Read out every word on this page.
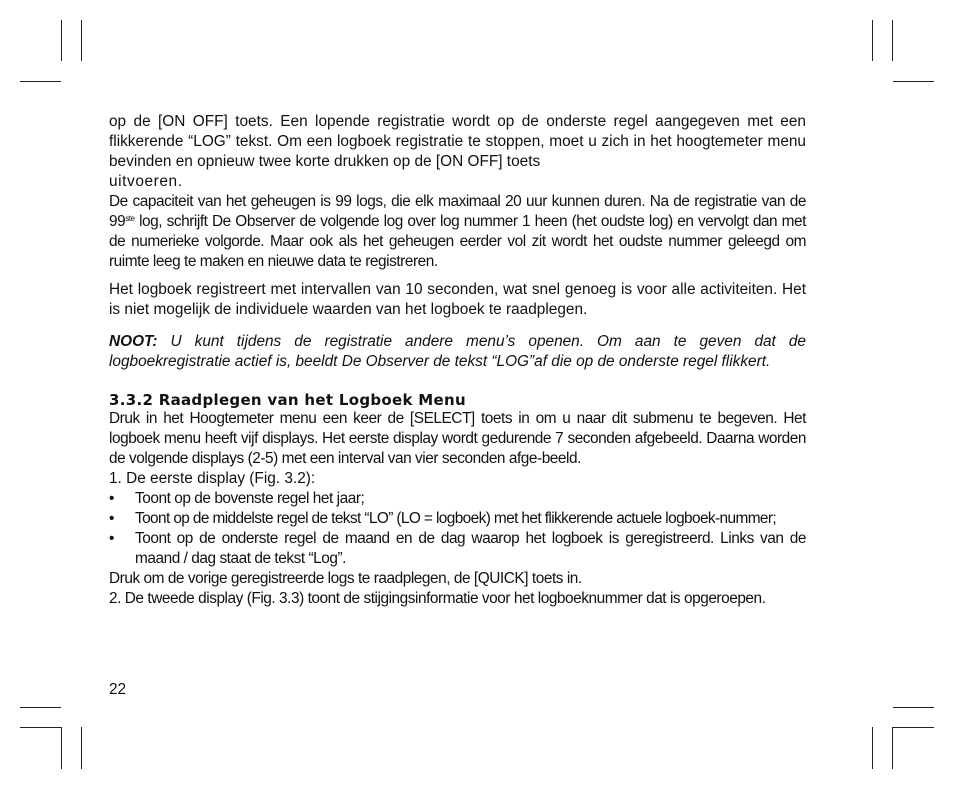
op de [ON OFF] toets. Een lopende registratie wordt op de onderste regel aangegeven met een flikkerende “LOG” tekst. Om een logboek registratie te stoppen, moet u zich in het hoogtemeter menu bevinden en opnieuw twee korte drukken op de [ON OFF] toets

uitvoeren.

De capaciteit van het geheugen is 99 logs, die elk maximaal 20 uur kunnen duren. Na de registratie van de 99ste log, schrijft De Observer de volgende log over log nummer 1 heen (het oudste log) en vervolgt dan met de numerieke volgorde. Maar ook als het geheugen eerder vol zit wordt het oudste nummer geleegd om ruimte leeg te maken en nieuwe data te registreren.

Het logboek registreert met intervallen van 10 seconden, wat snel genoeg is voor alle activiteiten. Het is niet mogelijk de individuele waarden van het logboek te raadplegen.

NOOT: U kunt tijdens de registratie andere menu’s openen. Om aan te geven dat de logboekregistratie actief is, beeldt De Observer de tekst “LOG”af die op de onderste regel flikkert.

3.3.2 Raadplegen van het Logboek Menu

Druk in het Hoogtemeter menu een keer de [SELECT] toets in om u naar dit submenu te begeven. Het logboek menu heeft vijf displays. Het eerste display wordt gedurende 7 seconden afgebeeld. Daarna worden de volgende displays (2-5) met een interval van vier seconden afge-beeld.

1. De eerste display (Fig. 3.2):

• Toont op de bovenste regel het jaar;
• Toont op de middelste regel de tekst “LO” (LO = logboek) met het flikkerende actuele logboek-nummer;
• Toont op de onderste regel de maand en de dag waarop het logboek is geregistreerd. Links van de maand / dag staat de tekst “Log”.

Druk om de vorige geregistreerde logs te raadplegen, de [QUICK] toets in.

2. De tweede display (Fig. 3.3) toont de stijgingsinformatie voor het logboeknummer dat is opgeroepen.

22
